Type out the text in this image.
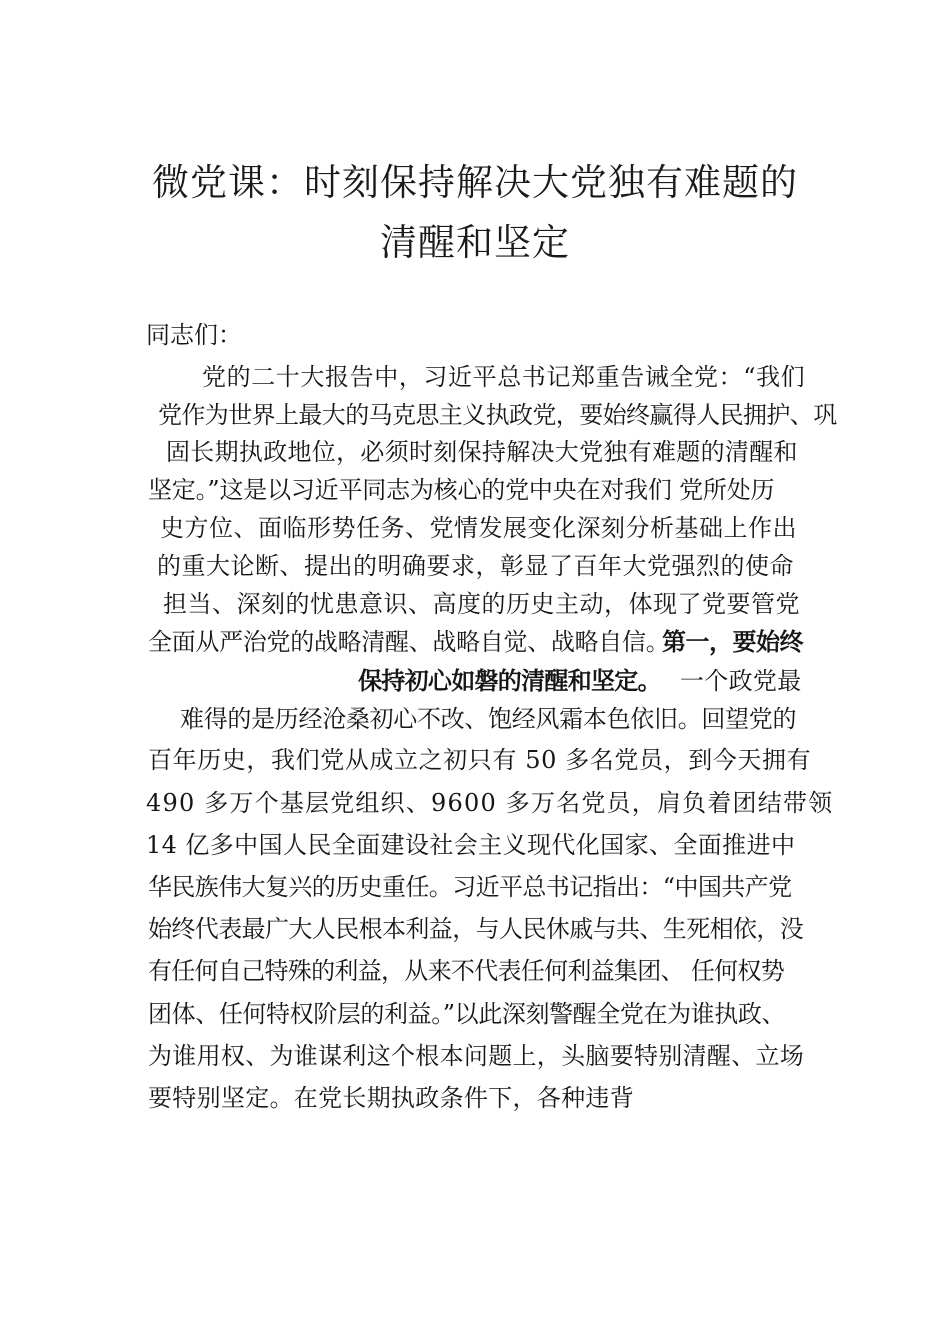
微党课：时刻保持解决大党独有难题的清醒和坚定
同志们：
党的二十大报告中，习近平总书记郑重告诫全党：“我们
党作为世界上最大的马克思主义执政党，要始终赢得人民拥护、巩
固长期执政地位，必须时刻保持解决大党独有难题的清醒和
坚定。”这是以习近平同志为核心的党中央在对我们 党所处历
史方位、面临形势任务、党情发展变化深刻分析基础上作出
的重大论断、提出的明确要求，彰显了百年大党强烈的使命
担当、深刻的忧患意识、高度的历史主动，体现了党要管党
全面从严治党的战略清醒、战略自觉、战略自信。
第一，要始终
保持初心如磐的清醒和坚定。 一个政党最
难得的是历经沧桑初心不改、饱经风霜本色依旧。回望党的
百年历史，我们党从成立之初只有 50 多名党员，到今天拥有
490 多万个基层党组织、9600 多万名党员，肩负着团结带领
14 亿多中国人民全面建设社会主义现代化国家、全面推进中
华民族伟大复兴的历史重任。习近平总书记指出：“中国共产党
始终代表最广大人民根本利益，与人民休戚与共、生死相依，没
有任何自己特殊的利益，从来不代表任何利益集团、 任何权势
团体、任何特权阶层的利益。”以此深刻警醒全党在为谁执政、
为谁用权、为谁谋利这个根本问题上，头脑要特别清醒、立场
要特别坚定。在党长期执政条件下，各种违背
